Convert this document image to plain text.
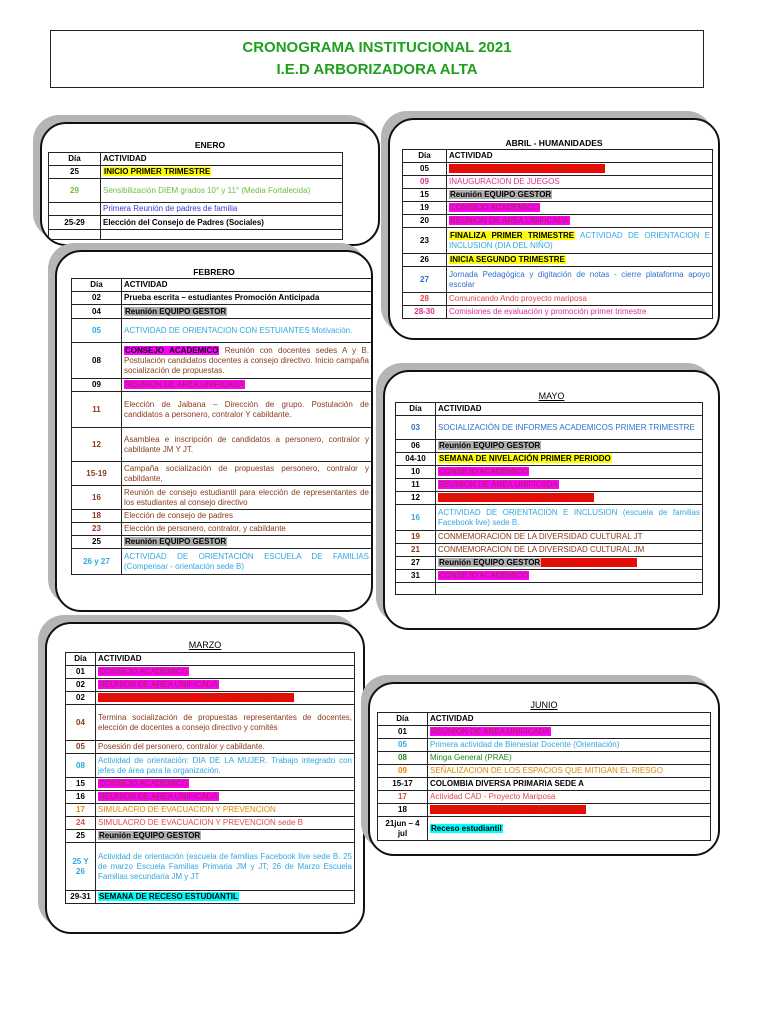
CRONOGRAMA INSTITUCIONAL 2021
I.E.D ARBORIZADORA ALTA
ENERO
Día	ACTIVIDAD
25	INICIO PRIMER TRIMESTRE
29	Sensibilización DIEM grados 10° y 11° (Media Fortalecida)
	Primera Reunión de padres de familia
25-29	Elección del Consejo de Padres (Sociales)

ABRIL - HUMANIDADES
Día	ACTIVIDAD
05	JORNADA PEDAGOGICA CAPACITACION
09	INAUGURACION DE JUEGOS
15	Reunión EQUIPO GESTOR
19	CONSEJO ACADEMICO
20	REUNION DE AREA UNIFICADA
23	FINALIZA PRIMER TRIMESTRE ACTIVIDAD DE ORIENTACION E INCLUSION (DIA DEL NIÑO)
26	INICIA SEGUNDO TRIMESTRE
27	Jornada Pedagógica y digitación de notas - cierre plataforma apoyo escolar
28	Comunicando Ando proyecto mariposa
28-30	Comisiones de evaluación y promoción primer trimestre
FEBRERO
Día	ACTIVIDAD
02	Prueba escrita – estudiantes Promoción Anticipada
04	Reunión EQUIPO GESTOR
05	ACTIVIDAD DE ORIENTACION CON ESTUIANTES Motivación.
08	CONSEJO ACADEMICO Reunión con docentes sedes A y B. Postulación candidatos docentes a consejo directivo. Inicio campaña socialización de propuestas.
09	REUNION DE AREA UNIFICADA
11	Elección de Jaibana – Dirección de grupo. Postulación de candidatos a personero, contralor Y cabildante.
12	Asamblea e inscripción de candidatos a personero, contralor y cabildante JM Y JT.
15-19	Campaña socialización de propuestas personero, contralor y cabildante,
16	Reunión de consejo estudiantil para elección de representantes de los estudiantes al consejo directivo
18	Elección de consejo de padres
23	Elección de personero, contralor, y cabildante
25	Reunión EQUIPO GESTOR
26 y 27	ACTIVIDAD DE ORIENTACIÓN ESCUELA DE FAMILIAS (Compensar - orientación sede B)
MAYO
Día	ACTIVIDAD
03	SOCIALIZACIÓN DE INFORMES ACADEMICOS PRIMER TRIMESTRE
06	Reunión EQUIPO GESTOR
04-10	SEMANA DE NIVELACIÓN PRIMER PERIODO
10	CONSEJO ACADEMICO
11	REUNION DE AREA UNIFICADA
12	JORNADA PEDAGOGICA CAPACITACION
16	ACTIVIDAD DE ORIENTACION E INCLUSION (escuela de familias Facebook live) sede B.
19	CONMEMORACION DE LA DIVERSIDAD CULTURAL JT
21	CONMEMORACION DE LA DIVERSIDAD CULTURAL JM
27	Reunión EQUIPO GESTOR JORNADA PEDAGOGICA
31	CONSEJO ACADEMICO

MARZO
Día	ACTIVIDAD
01	CONSEJO ACADEMICO
02	REUNION DE AREA UNIFICADA
02	JORNADA PEDAGOGICA JORNADA CAPACITACION
04	Termina socialización de propuestas representantes de docentes, elección de docentes a consejo directivo y comités
05	Posesión del personero, contralor y cabildante.
08	Actividad de orientación: DIA DE LA MUJER. Trabajo integrado con jefes de área para la organización.
15	CONSEJO ACADEMICO
16	REUNION DE AREA UNIFICADA
17	SIMULACRO DE EVACUACION Y PREVENCION
24	SIMULACRO DE EVACUACION Y PREVENCION sede B
25	Reunión EQUIPO GESTOR
25 Y 26	Actividad de orientación (escuela de familias Facebook live sede B. 25 de marzo Escuela Familias Primaria JM y JT; 26 de Marzo Escuela Familias secundaria JM y JT
29-31	SEMANA DE RECESO ESTUDIANTIL
JUNIO
Día	ACTIVIDAD
01	REUNION DE AREA UNIFICADA
05	Primera actividad de Bienestar Docente (Orientación)
08	Minga General (PRAE)
09	SEÑALIZACION DE LOS ESPACIOS QUE MITIGAN EL RIESGO
15-17	COLOMBIA DIVERSA PRIMARIA SEDE A
17	Actividad CAD - Proyecto Mariposa
18	JORNADA PEDAGOGICA CAPACITACION
21jun – 4 jul	Receso estudiantil
